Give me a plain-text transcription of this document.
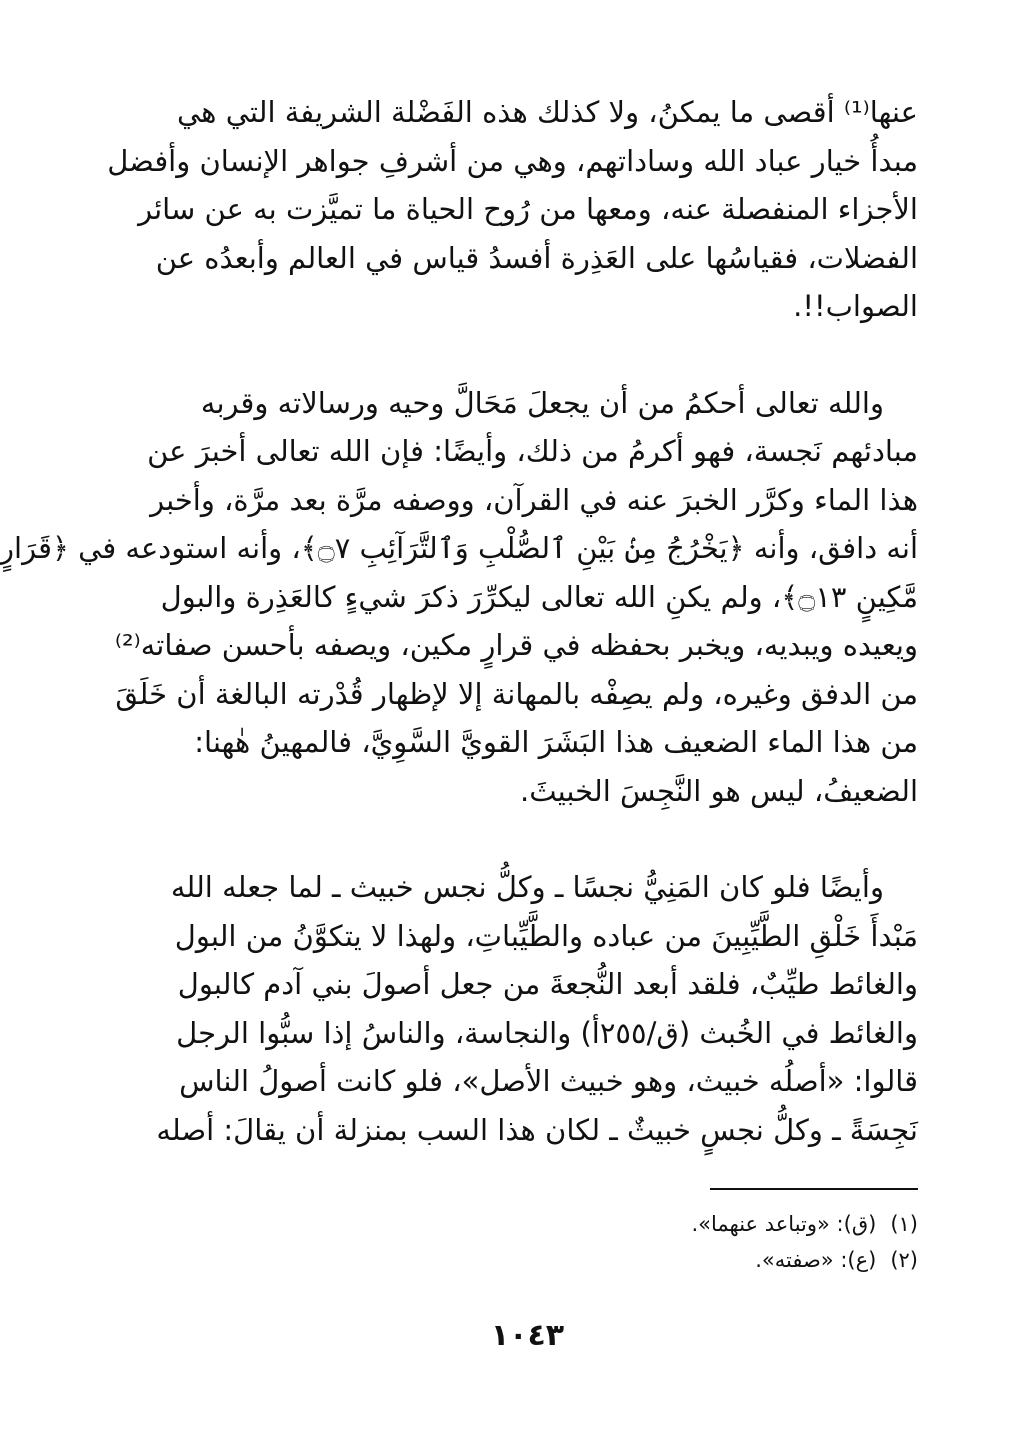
عنها⁽¹⁾ أقصى ما يمكنُ، ولا كذلك هذه الفَضْلة الشريفة التي هي
مبدأُ خيار عباد الله وساداتهم، وهي من أشرفِ جواهر الإنسان وأفضل
الأجزاء المنفصلة عنه، ومعها من رُوح الحياة ما تميَّزت به عن سائر
الفضلات، فقياسُها على العَذِرة أفسدُ قياس في العالم وأبعدُه عن
الصواب!!.

والله تعالى أحكمُ من أن يجعلَ مَحَالَّ وحيه ورسالاته وقربه
مبادئهم نَجسة، فهو أكرمُ من ذلك، وأيضًا: فإن الله تعالى أخبرَ عن
هذا الماء وكرَّر الخبرَ عنه في القرآن، ووصفه مرَّة بعد مرَّة، وأخبر
أنه دافق، وأنه ﴿يَخْرُجُ مِنۢ بَيْنِ ٱلصُّلْبِ وَٱلتَّرَآئِبِ ۝٧﴾، وأنه استودعه في ﴿قَرَارٍ
مَّكِينٍ ۝١٣﴾، ولم يكنِ الله تعالى ليكرِّرَ ذكرَ شيءٍ كالعَذِرة والبول
ويعيده ويبديه، ويخبر بحفظه في قرارٍ مكين، ويصفه بأحسن صفاته⁽²⁾
من الدفق وغيره، ولم يصِفْه بالمهانة إلا لإظهار قُدْرته البالغة أن خَلَقَ
من هذا الماء الضعيف هذا البَشَرَ القويَّ السَّوِيَّ، فالمهينُ هٰهنا:
الضعيفُ، ليس هو النَّجِسَ الخبيثَ.

وأيضًا فلو كان المَنِيُّ نجسًا ـ وكلُّ نجس خبيث ـ لما جعله الله
مَبْدأَ خَلْقِ الطَّيِّبِينَ من عباده والطَّيِّباتِ، ولهذا لا يتكوَّنُ من البول
والغائط طيِّبٌ، فلقد أبعد النُّجعةَ من جعل أصولَ بني آدم كالبول
والغائط في الخُبث (ق/٢٥٥أ) والنجاسة، والناسُ إذا سبُّوا الرجل
قالوا: «أصلُه خبيث، وهو خبيث الأصل»، فلو كانت أصولُ الناس
نَجِسَةً ـ وكلُّ نجسٍ خبيثٌ ـ لكان هذا السب بمنزلة أن يقالَ: أصله

(١)(ق): «وتباعد عنهما».
(٢)(ع): «صفته».
١٠٤٣
